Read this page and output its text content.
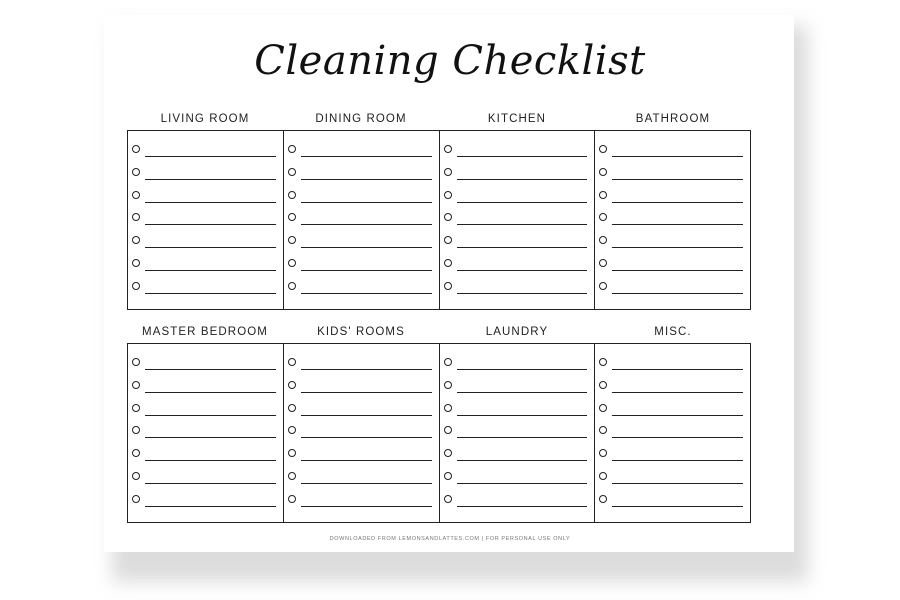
Cleaning Checklist
LIVING ROOM	DINING ROOM	KITCHEN	BATHROOM
MASTER BEDROOM	KIDS' ROOMS	LAUNDRY	MISC.
DOWNLOADED FROM LEMONSANDLATTES.COM | FOR PERSONAL USE ONLY
